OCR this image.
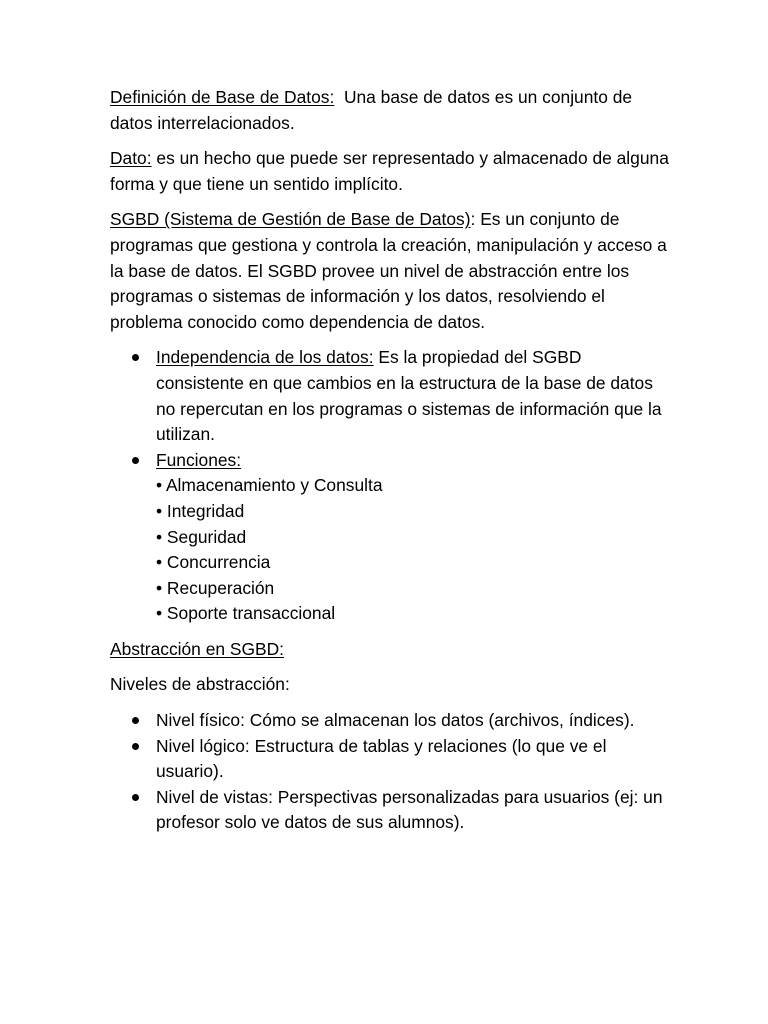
Definición de Base de Datos: Una base de datos es un conjunto de datos interrelacionados.

Dato: es un hecho que puede ser representado y almacenado de alguna forma y que tiene un sentido implícito.

SGBD (Sistema de Gestión de Base de Datos): Es un conjunto de programas que gestiona y controla la creación, manipulación y acceso a la base de datos. El SGBD provee un nivel de abstracción entre los programas o sistemas de información y los datos, resolviendo el problema conocido como dependencia de datos.

Independencia de los datos: Es la propiedad del SGBD consistente en que cambios en la estructura de la base de datos no repercutan en los programas o sistemas de información que la utilizan.
Funciones:
• Almacenamiento y Consulta
• Integridad
• Seguridad
• Concurrencia
• Recuperación
• Soporte transaccional

Abstracción en SGBD:

Niveles de abstracción:

Nivel físico: Cómo se almacenan los datos (archivos, índices).
Nivel lógico: Estructura de tablas y relaciones (lo que ve el usuario).
Nivel de vistas: Perspectivas personalizadas para usuarios (ej: un profesor solo ve datos de sus alumnos).
